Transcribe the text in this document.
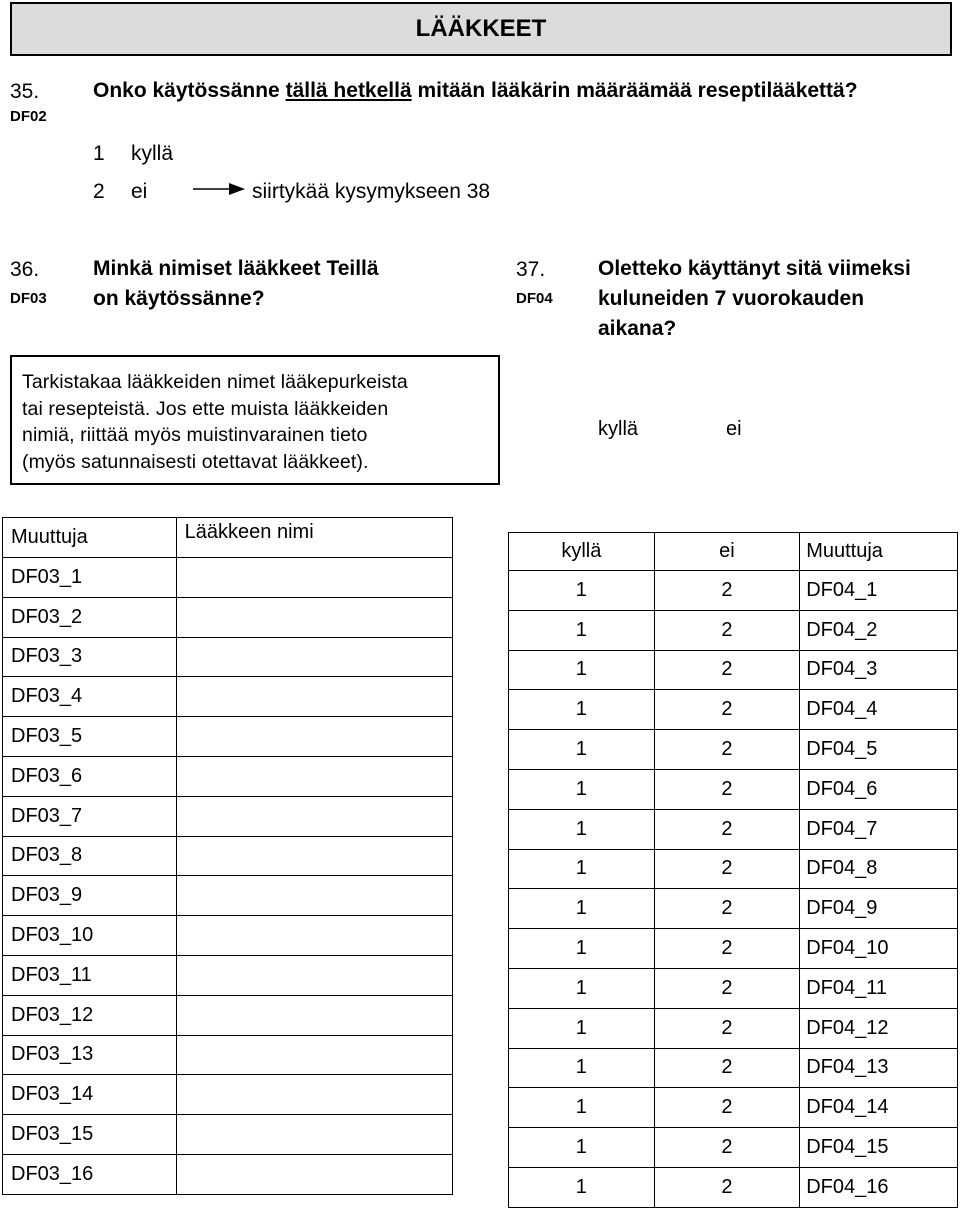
LÄÄKKEET
35.
DF02
Onko käytössänne tällä hetkellä mitään lääkärin määräämää reseptilääkettä?
1 kyllä
2 ei	siirtykää kysymykseen 38
36.
DF03
Minkä nimiset lääkkeet Teillä
on käytössänne?
37.
DF04
Oletteko käyttänyt sitä viimeksi
kuluneiden 7 vuorokauden
aikana?
Tarkistakaa lääkkeiden nimet lääkepurkeista
tai resepteistä. Jos ette muista lääkkeiden
nimiä, riittää myös muistinvarainen tieto
(myös satunnaisesti otettavat lääkkeet).
kyllä	ei
Muuttuja	Lääkkeen nimi
DF03_1	
DF03_2	
DF03_3	
DF03_4	
DF03_5	
DF03_6	
DF03_7	
DF03_8	
DF03_9	
DF03_10	
DF03_11	
DF03_12	
DF03_13	
DF03_14	
DF03_15	
DF03_16	
kyllä	ei	Muuttuja
1	2	DF04_1
1	2	DF04_2
1	2	DF04_3
1	2	DF04_4
1	2	DF04_5
1	2	DF04_6
1	2	DF04_7
1	2	DF04_8
1	2	DF04_9
1	2	DF04_10
1	2	DF04_11
1	2	DF04_12
1	2	DF04_13
1	2	DF04_14
1	2	DF04_15
1	2	DF04_16
